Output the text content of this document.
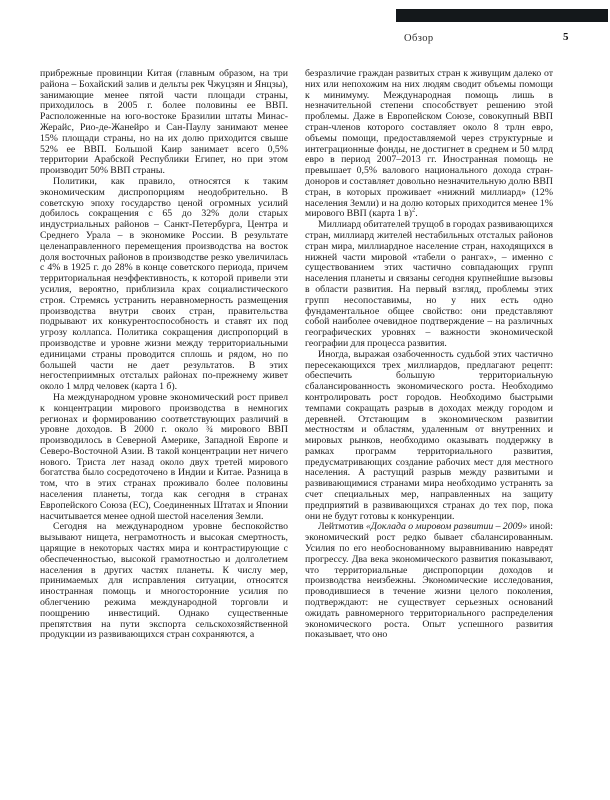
Обзор	5

прибрежные провинции Китая (главным образом, на три района – Бохайский залив и дельты рек Чжуцзян и Янцзы), занимающие менее пятой части площади страны, приходилось в 2005 г. более половины ее ВВП. Расположенные на юго-востоке Бразилии штаты Минас-Жерайс, Рио-де-Жанейро и Сан-Паулу занимают менее 15% площади страны, но на их долю приходится свыше 52% ее ВВП. Большой Каир занимает всего 0,5% территории Арабской Республики Египет, но при этом производит 50% ВВП страны.

Политики, как правило, относятся к таким экономическим диспропорциям неодобрительно. В советскую эпоху государство ценой огромных усилий добилось сокращения с 65 до 32% доли старых индустриальных районов – Санкт-Петербурга, Центра и Среднего Урала – в экономике России. В результате целенаправленного перемещения производства на восток доля восточных районов в производстве резко увеличилась с 4% в 1925 г. до 28% в конце советского периода, причем территориальная неэффективность, к которой привели эти усилия, вероятно, приблизила крах социалистического строя. Стремясь устранить неравномерность размещения производства внутри своих стран, правительства подрывают их конкурентоспособность и ставят их под угрозу коллапса. Политика сокращения диспропорций в производстве и уровне жизни между территориальными единицами страны проводится сплошь и рядом, но по большей части не дает результатов. В этих негостеприимных отсталых районах по-прежнему живет около 1 млрд человек (карта 1 б).

На международном уровне экономический рост привел к концентрации мирового производства в немногих регионах и формированию соответствующих различий в уровне доходов. В 2000 г. около ¾ мирового ВВП производилось в Северной Америке, Западной Европе и Северо-Восточной Азии. В такой концентрации нет ничего нового. Триста лет назад около двух третей мирового богатства было сосредоточено в Индии и Китае. Разница в том, что в этих странах проживало более половины населения планеты, тогда как сегодня в странах Европейского Союза (ЕС), Соединенных Штатах и Японии насчитывается менее одной шестой населения Земли.

Сегодня на международном уровне беспокойство вызывают нищета, неграмотность и высокая смертность, царящие в некоторых частях мира и контрастирующие с обеспеченностью, высокой грамотностью и долголетием населения в других частях планеты. К числу мер, принимаемых для исправления ситуации, относятся иностранная помощь и многосторонние усилия по облегчению режима международной торговли и поощрению инвестиций. Однако существенные препятствия на пути экспорта сельскохозяйственной продукции из развивающихся стран сохраняются, а

безразличие граждан развитых стран к живущим далеко от них или непохожим на них людям сводит объемы помощи к минимуму. Международная помощь лишь в незначительной степени способствует решению этой проблемы. Даже в Европейском Союзе, совокупный ВВП стран-членов которого составляет около 8 трлн евро, объемы помощи, предоставляемой через структурные и интеграционные фонды, не достигнет в среднем и 50 млрд евро в период 2007–2013 гг. Иностранная помощь не превышает 0,5% валового национального дохода стран-доноров и составляет довольно незначительную долю ВВП стран, в которых проживает «нижний миллиард» (12% населения Земли) и на долю которых приходится менее 1% мирового ВВП (карта 1 в)$^2$.

Миллиард обитателей трущоб в городах развивающихся стран, миллиард жителей нестабильных отсталых районов стран мира, миллиардное население стран, находящихся в нижней части мировой «табели о рангах», – именно с существованием этих частично совпадающих групп населения планеты и связаны сегодня крупнейшие вызовы в области развития. На первый взгляд, проблемы этих групп несопоставимы, но у них есть одно фундаментальное общее свойство: они представляют собой наиболее очевидное подтверждение – на различных географических уровнях – важности экономической географии для процесса развития.

Иногда, выражая озабоченность судьбой этих частично пересекающихся трех миллиардов, предлагают рецепт: обеспечить бо́льшую территориальную сбалансированность экономического роста. Необходимо контролировать рост городов. Необходимо быстрыми темпами сокращать разрыв в доходах между городом и деревней. Отстающим в экономическом развитии местностям и областям, удаленным от внутренних и мировых рынков, необходимо оказывать поддержку в рамках программ территориального развития, предусматривающих создание рабочих мест для местного населения. А растущий разрыв между развитыми и развивающимися странами мира необходимо устранять за счет специальных мер, направленных на защиту предприятий в развивающихся странах до тех пор, пока они не будут готовы к конкуренции.

Лейтмотив «Доклада о мировом развитии – 2009» иной: экономический рост редко бывает сбалансированным. Усилия по его необоснованному выравниванию навредят прогрессу. Два века экономического развития показывают, что территориальные диспропорции доходов и производства неизбежны. Экономические исследования, проводившиеся в течение жизни целого поколения, подтверждают: не существует серьезных оснований ожидать равномерного территориального распределения экономического роста. Опыт успешного развития показывает, что оно
